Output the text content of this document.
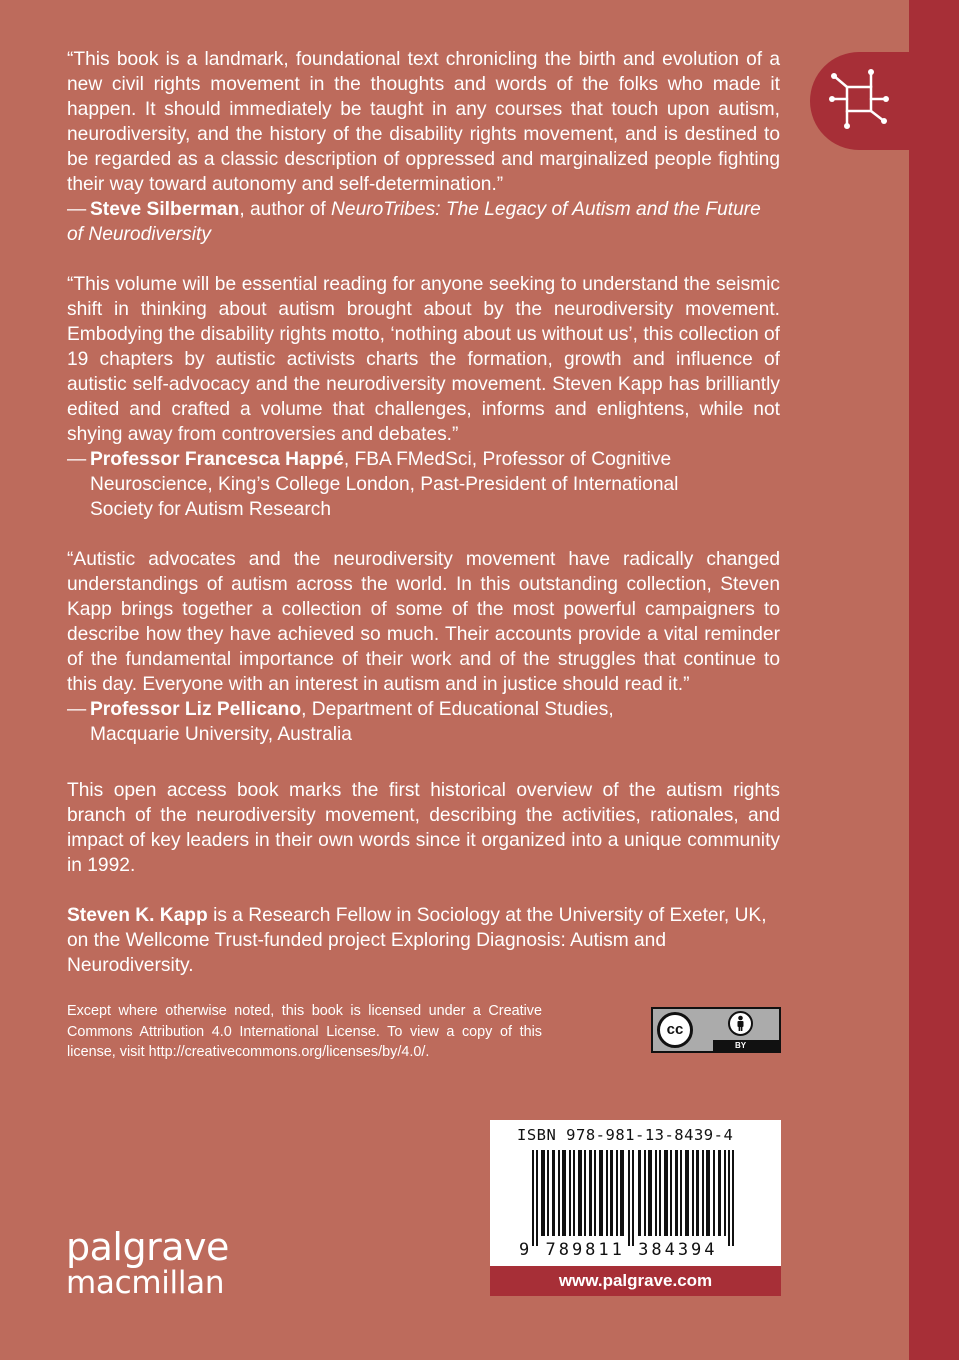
“This book is a landmark, foundational text chronicling the birth and evolution of a new civil rights movement in the thoughts and words of the folks who made it happen. It should immediately be taught in any courses that touch upon autism, neurodiversity, and the history of the disability rights movement, and is destined to be regarded as a classic description of oppressed and marginalized people fighting their way toward autonomy and self-determination.”

— Steve Silberman, author of NeuroTribes: The Legacy of Autism and the Future of Neurodiversity

“This volume will be essential reading for anyone seeking to understand the seismic shift in thinking about autism brought about by the neurodiversity movement. Embodying the disability rights motto, ‘nothing about us without us’, this collection of 19 chapters by autistic activists charts the formation, growth and influence of autistic self-advocacy and the neurodiversity movement. Steven Kapp has brilliantly edited and crafted a volume that challenges, informs and enlightens, while not shying away from controversies and debates.”

— Professor Francesca Happé, FBA FMedSci, Professor of Cognitive
Neuroscience, King’s College London, Past-President of International
Society for Autism Research

“Autistic advocates and the neurodiversity movement have radically changed understandings of autism across the world. In this outstanding collection, Steven Kapp brings together a collection of some of the most powerful campaigners to describe how they have achieved so much. Their accounts provide a vital reminder of the fundamental importance of their work and of the struggles that continue to this day. Everyone with an interest in autism and in justice should read it.”

— Professor Liz Pellicano, Department of Educational Studies,
Macquarie University, Australia

This open access book marks the first historical overview of the autism rights branch of the neurodiversity movement, describing the activities, rationales, and impact of key leaders in their own words since it organized into a unique community in 1992.

Steven K. Kapp is a Research Fellow in Sociology at the University of Exeter, UK, on the Wellcome Trust-funded project Exploring Diagnosis: Autism and Neurodiversity.

Except where otherwise noted, this book is licensed under a Creative Commons Attribution 4.0 International License. To view a copy of this license, visit http://creativecommons.org/licenses/by/4.0/.
cc
BY
ISBN 978-981-13-8439-4
9 789811 384394
www.palgrave.com
palgrave
macmillan
